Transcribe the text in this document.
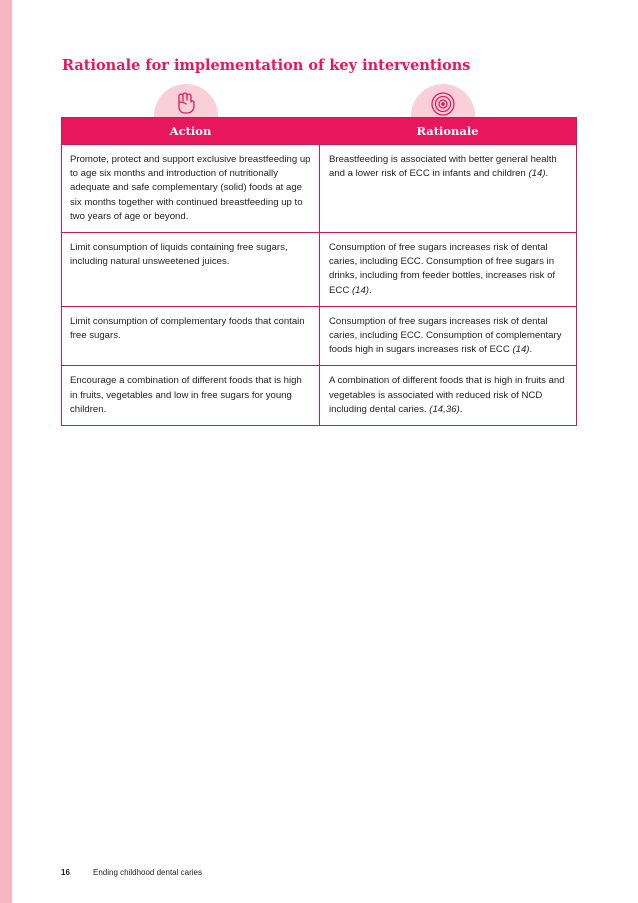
Rationale for implementation of key interventions
Action	Rationale
Promote, protect and support exclusive breastfeeding up to age six months and introduction of nutritionally adequate and safe complementary (solid) foods at age six months together with continued breastfeeding up to two years of age or beyond.
Breastfeeding is associated with better general health and a lower risk of ECC in infants and children (14).
Limit consumption of liquids containing free sugars, including natural unsweetened juices.
Consumption of free sugars increases risk of dental caries, including ECC. Consumption of free sugars in drinks, including from feeder bottles, increases risk of ECC (14).
Limit consumption of complementary foods that contain free sugars.
Consumption of free sugars increases risk of dental caries, including ECC. Consumption of complementary foods high in sugars increases risk of ECC (14).
Encourage a combination of different foods that is high in fruits, vegetables and low in free sugars for young children.
A combination of different foods that is high in fruits and vegetables is associated with reduced risk of NCD including dental caries. (14,36).
16	Ending childhood dental caries
